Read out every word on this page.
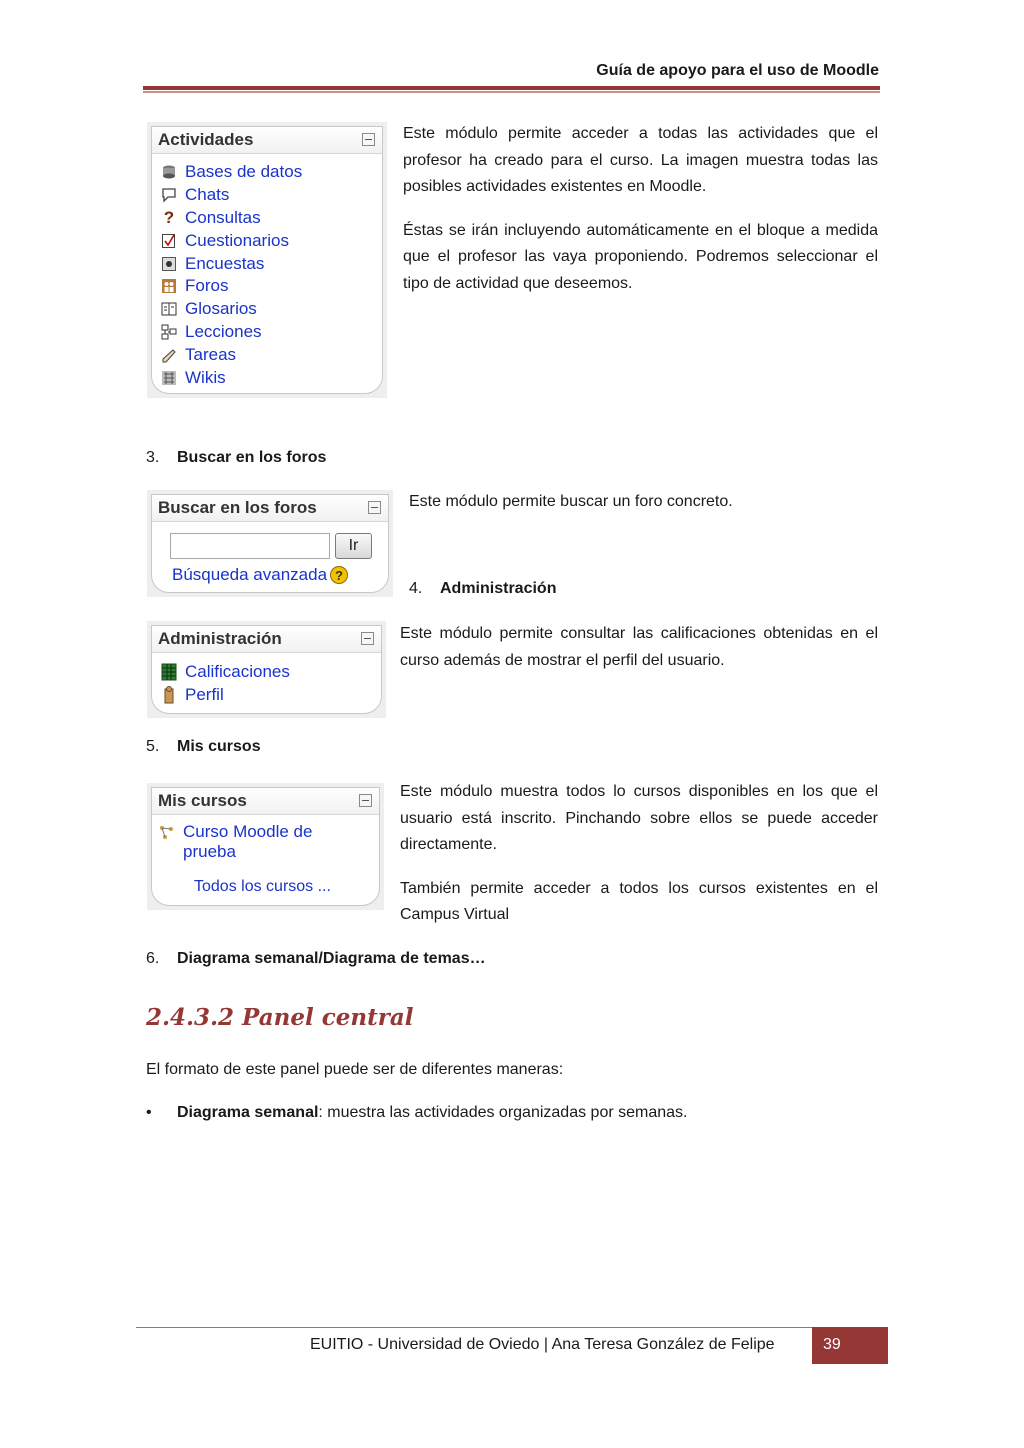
Guía de apoyo para el uso de Moodle
Actividades
Bases de datos
Chats
? Consultas
Cuestionarios
Encuestas
Foros
Glosarios
Lecciones
Tareas
Wikis

Este módulo permite acceder a todas las actividades que el profesor ha creado para el curso. La imagen muestra todas las posibles actividades existentes en Moodle.

Éstas se irán incluyendo automáticamente en el bloque a medida que el profesor las vaya proponiendo. Podremos seleccionar el tipo de actividad que deseemos.

3. Buscar en los foros
Buscar en los foros
Ir
Búsqueda avanzada ?
Este módulo permite buscar un foro concreto.
4. Administración
Administración
Calificaciones
Perfil
Este módulo permite consultar las calificaciones obtenidas en el curso además de mostrar el perfil del usuario.
5. Mis cursos
Mis cursos
Curso Moodle de
prueba
Todos los cursos ...

Este módulo muestra todos lo cursos disponibles en los que el usuario está inscrito. Pinchando sobre ellos se puede acceder directamente.

También permite acceder a todos los cursos existentes en el Campus Virtual

6. Diagrama semanal/Diagrama de temas…
2.4.3.2 Panel central
El formato de este panel puede ser de diferentes maneras:
• Diagrama semanal: muestra las actividades organizadas por semanas.
EUITIO - Universidad de Oviedo | Ana Teresa González de Felipe	39
